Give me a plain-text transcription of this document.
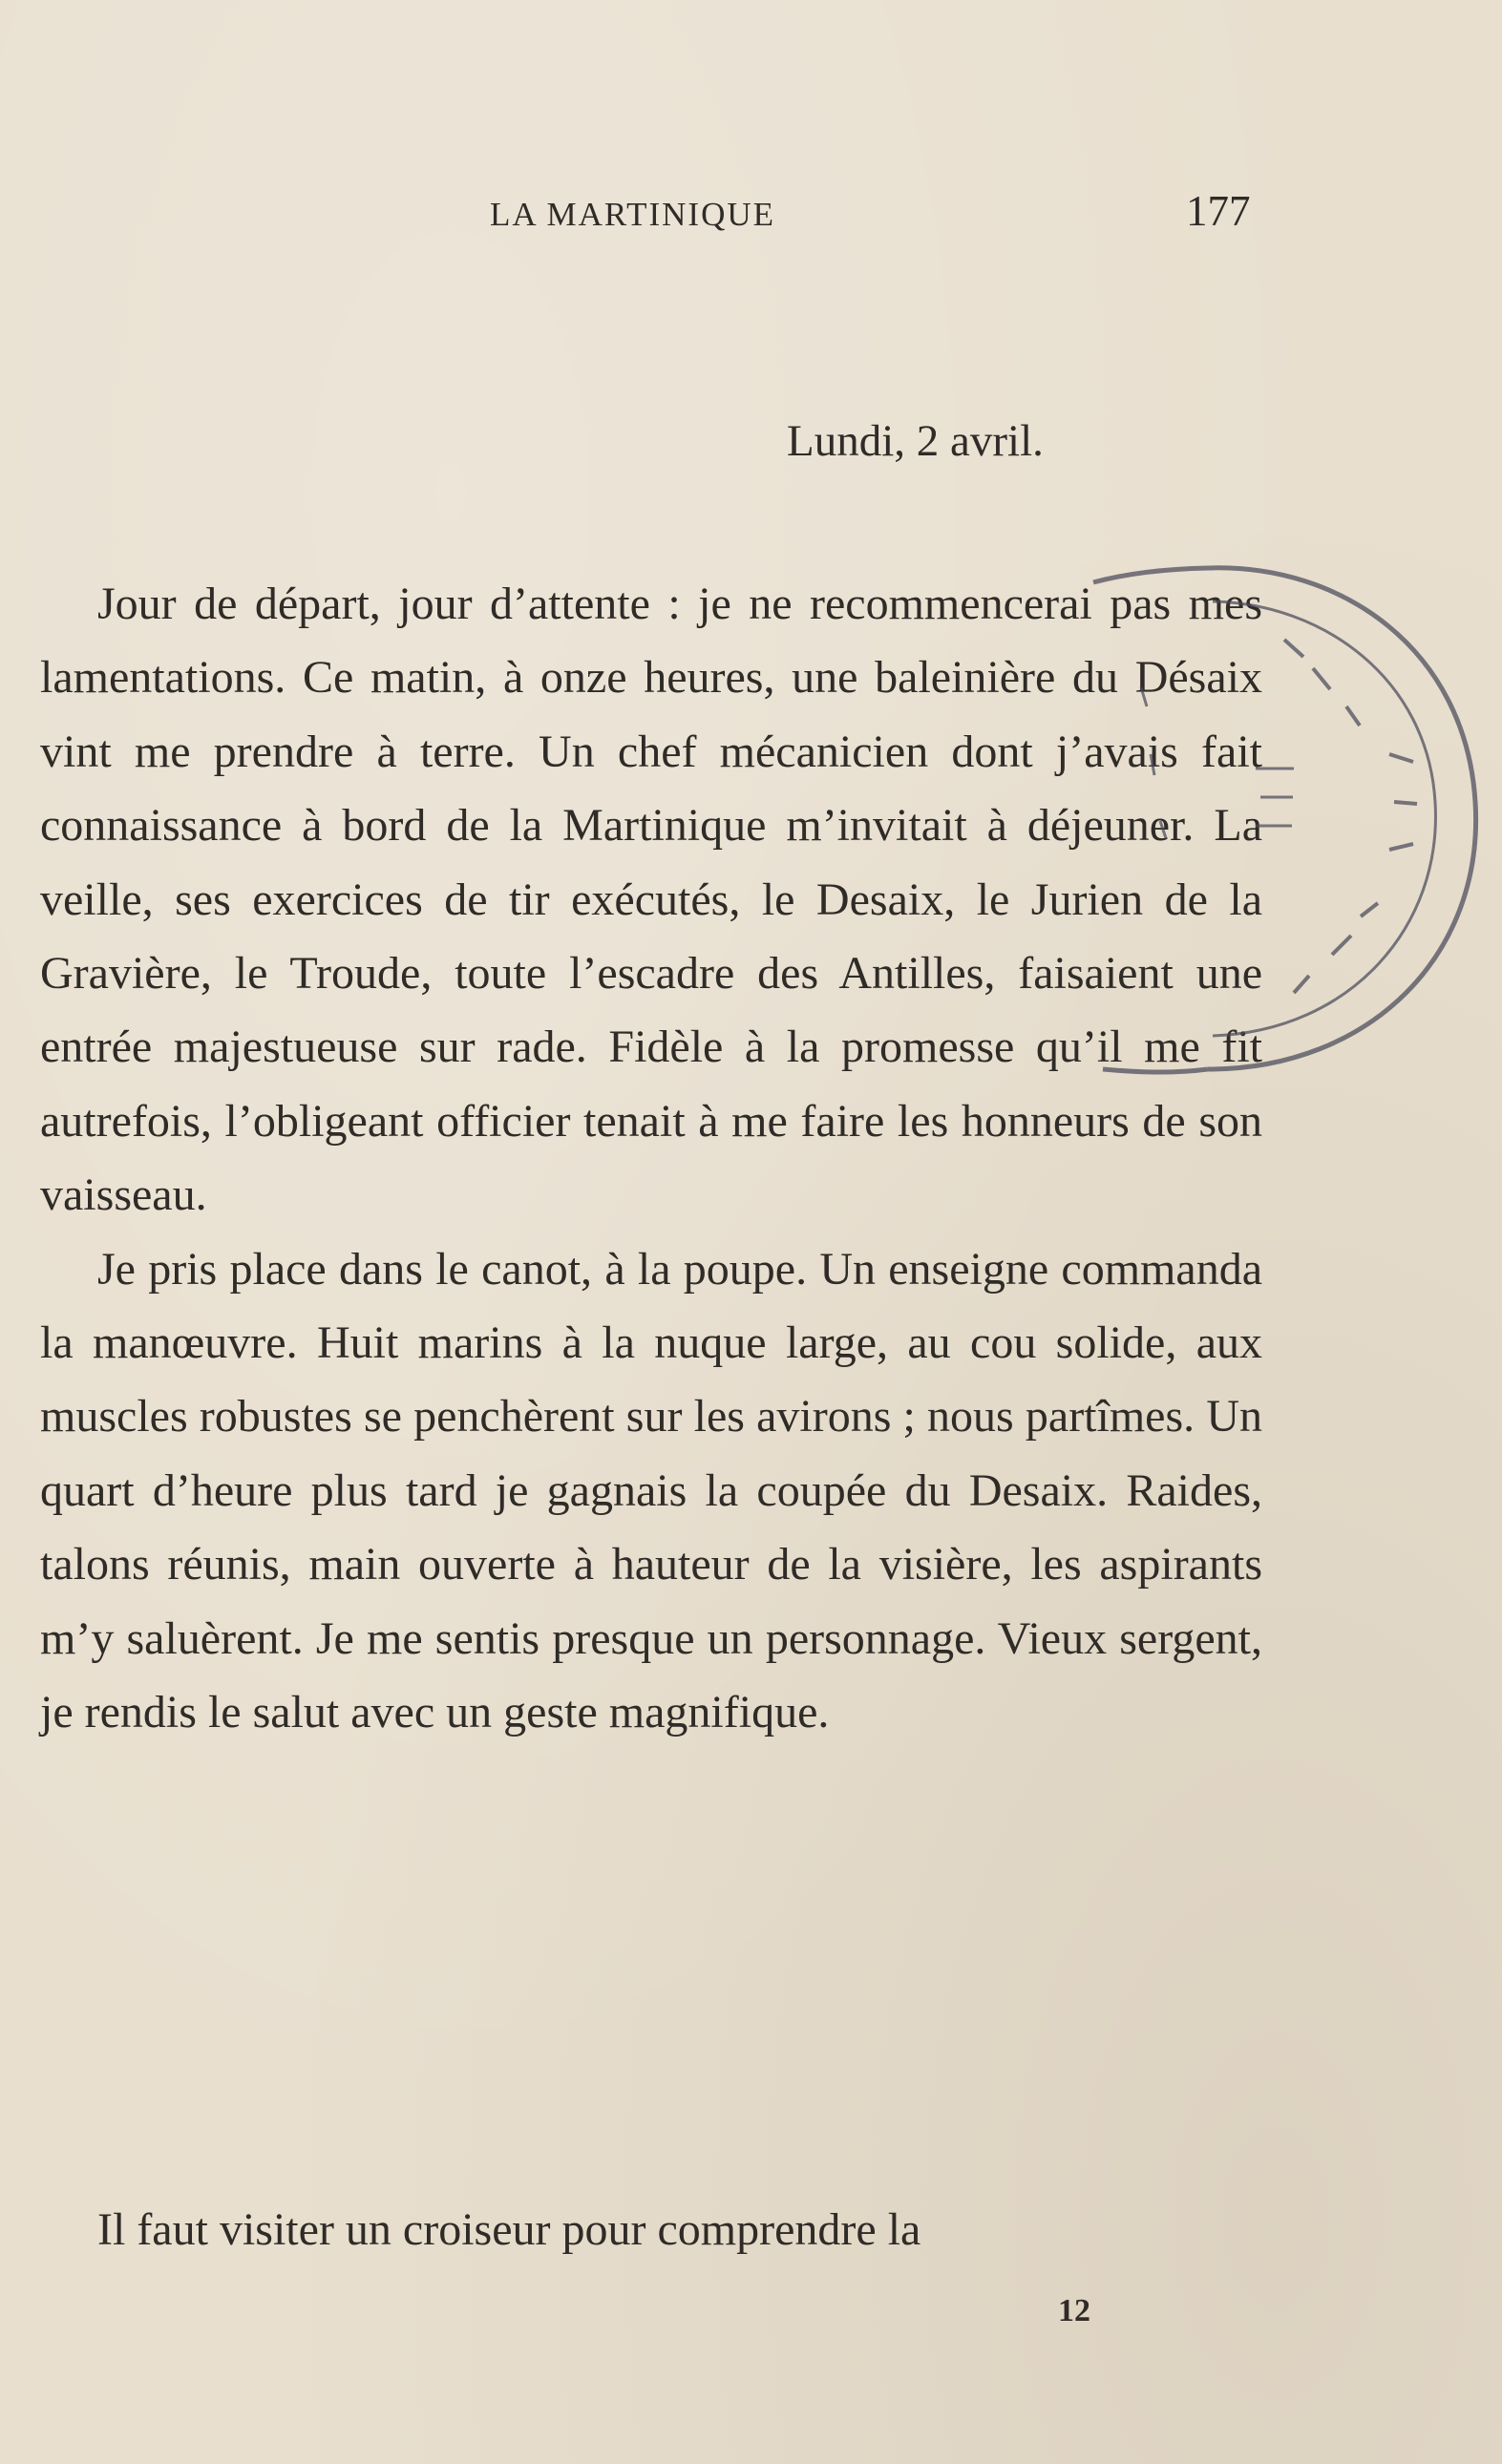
LA MARTINIQUE	177
Lundi, 2 avril.

Jour de départ, jour d’attente : je ne recommencerai pas mes lamentations. Ce matin, à onze heures, une baleinière du Désaix vint me prendre à terre. Un chef mécanicien dont j’avais fait connaissance à bord de la Martinique m’invitait à déjeuner. La veille, ses exercices de tir exécutés, le Desaix, le Jurien de la Gravière, le Troude, toute l’escadre des Antilles, faisaient une entrée majestueuse sur rade. Fidèle à la promesse qu’il me fit autrefois, l’obligeant officier tenait à me faire les honneurs de son vaisseau.

Je pris place dans le canot, à la poupe. Un enseigne commanda la manœuvre. Huit marins à la nuque large, au cou solide, aux muscles robustes se penchèrent sur les avirons ; nous partîmes. Un quart d’heure plus tard je gagnais la coupée du Desaix. Raides, talons réunis, main ouverte à hauteur de la visière, les aspirants m’y saluèrent. Je me sentis presque un personnage. Vieux sergent, je rendis le salut avec un geste magnifique.

Il faut visiter un croiseur pour comprendre la

12
